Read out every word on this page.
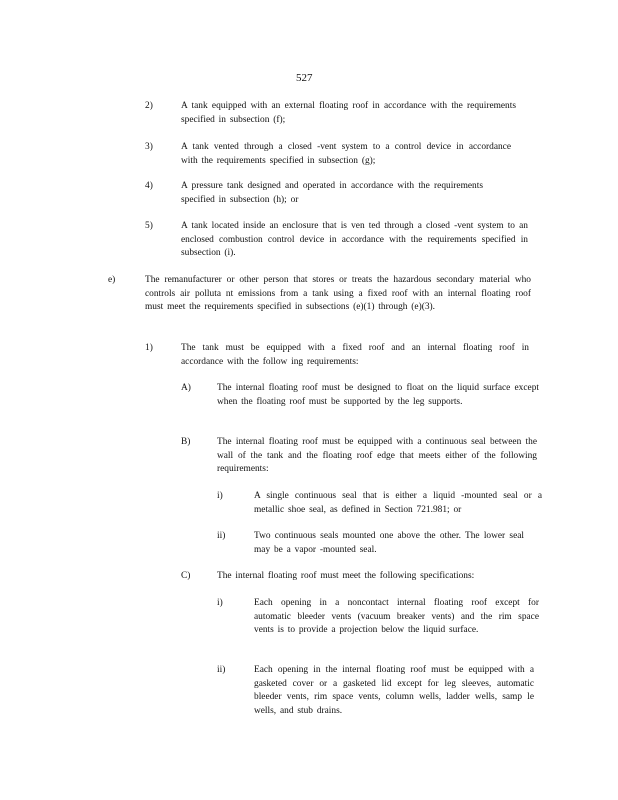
527
2)	A tank equipped with an external floating roof in accordance with the requirements specified in subsection (f);
3)	A tank vented through a closed -vent system to a control device in accordance with the requirements specified in subsection (g);
4)	A pressure tank designed and operated in accordance with the requirements specified in subsection (h); or
5)	A tank located inside an enclosure that is ven ted through a closed -vent system to an enclosed combustion control device in accordance with the requirements specified in subsection (i).
e)	The remanufacturer or other person that stores or treats the hazardous secondary material who controls air polluta nt emissions from a tank using a fixed roof with an internal floating roof must meet the requirements specified in subsections (e)(1) through (e)(3).
1)	The tank must be equipped with a fixed roof and an internal floating roof in accordance with the follow ing requirements:
A)	The internal floating roof must be designed to float on the liquid surface except when the floating roof must be supported by the leg supports.
B)	The internal floating roof must be equipped with a continuous seal between the wall of the tank and the floating roof edge that meets either of the following requirements:
i)	A single continuous seal that is either a liquid -mounted seal or a metallic shoe seal, as defined in Section 721.981; or
ii)	Two continuous seals mounted one above the other. The lower seal may be a vapor -mounted seal.
C)	The internal floating roof must meet the following specifications:
i)	Each opening in a noncontact internal floating roof except for automatic bleeder vents (vacuum breaker vents) and the rim space vents is to provide a projection below the liquid surface.
ii)	Each opening in the internal floating roof must be equipped with a gasketed cover or a gasketed lid except for leg sleeves, automatic bleeder vents, rim space vents, column wells, ladder wells, samp le wells, and stub drains.
